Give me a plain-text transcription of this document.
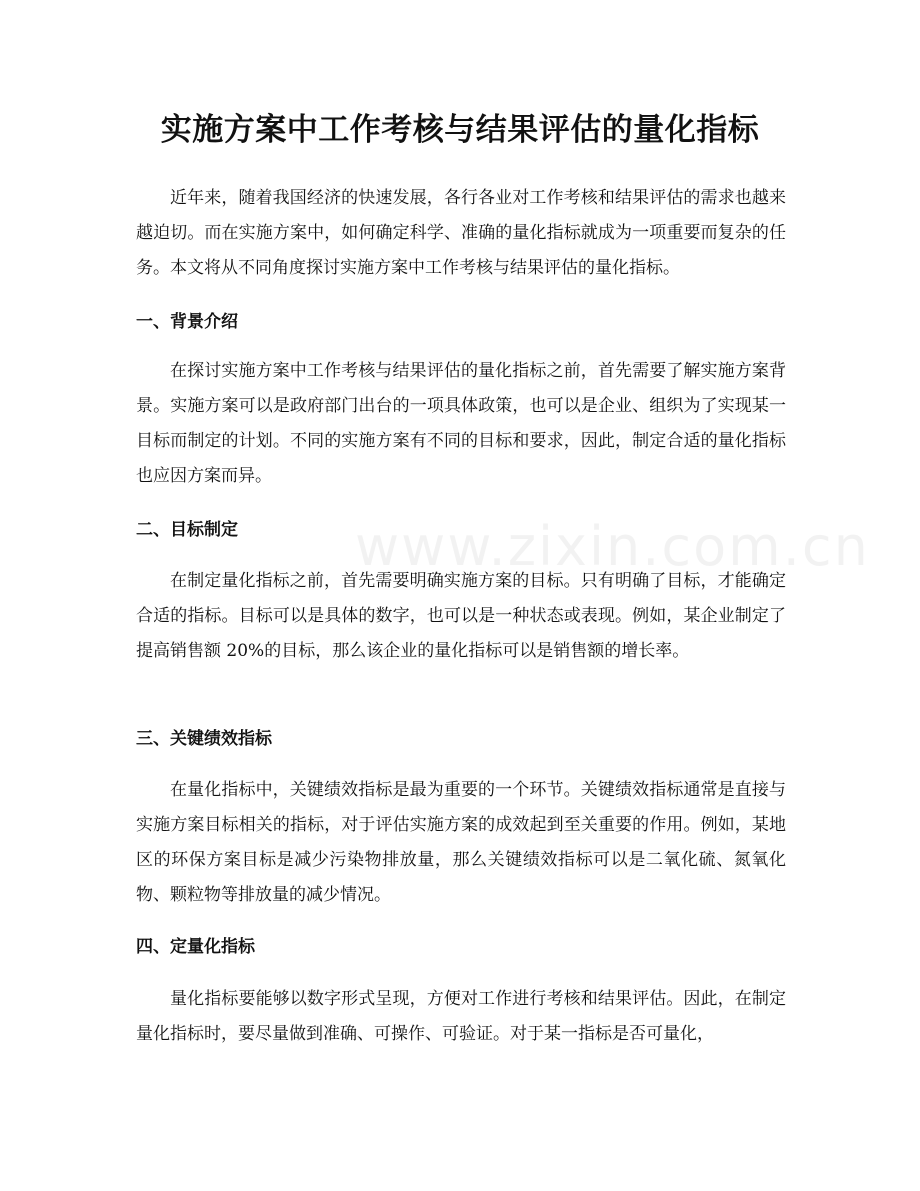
实施方案中工作考核与结果评估的量化指标

近年来，随着我国经济的快速发展，各行各业对工作考核和结果评估的需求也越来越迫切。而在实施方案中，如何确定科学、准确的量化指标就成为一项重要而复杂的任务。本文将从不同角度探讨实施方案中工作考核与结果评估的量化指标。

一、背景介绍

在探讨实施方案中工作考核与结果评估的量化指标之前，首先需要了解实施方案背景。实施方案可以是政府部门出台的一项具体政策，也可以是企业、组织为了实现某一目标而制定的计划。不同的实施方案有不同的目标和要求，因此，制定合适的量化指标也应因方案而异。

二、目标制定

在制定量化指标之前，首先需要明确实施方案的目标。只有明确了目标，才能确定合适的指标。目标可以是具体的数字，也可以是一种状态或表现。例如，某企业制定了提高销售额 20%的目标，那么该企业的量化指标可以是销售额的增长率。

三、关键绩效指标

在量化指标中，关键绩效指标是最为重要的一个环节。关键绩效指标通常是直接与实施方案目标相关的指标，对于评估实施方案的成效起到至关重要的作用。例如，某地区的环保方案目标是减少污染物排放量，那么关键绩效指标可以是二氧化硫、氮氧化物、颗粒物等排放量的减少情况。

四、定量化指标

量化指标要能够以数字形式呈现，方便对工作进行考核和结果评估。因此，在制定量化指标时，要尽量做到准确、可操作、可验证。对于某一指标是否可量化，

www.zixin.com.cn
